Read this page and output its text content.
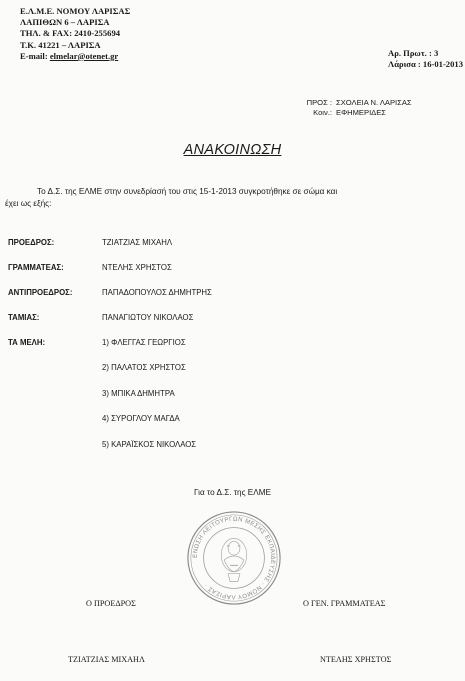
Ε.Λ.Μ.Ε. ΝΟΜΟΥ ΛΑΡΙΣΑΣ
ΛΑΠΙΘΩΝ 6 – ΛΑΡΙΣΑ
ΤΗΛ. & FAX: 2410-255694
Τ.Κ. 41221 – ΛΑΡΙΣΑ
E-mail: elmelar@otenet.gr	Αρ. Πρωτ. : 3
Λάρισα : 16-01-2013
ΠΡΟΣ : ΣΧΟΛΕΙΑ Ν. ΛΑΡΙΣΑΣ
Κοιν.: ΕΦΗΜΕΡΙΔΕΣ
ΑΝΑΚΟΙΝΩΣΗ
Το Δ.Σ. της ΕΛΜΕ στην συνεδρίασή του στις 15-1-2013 συγκροτήθηκε σε σώμα και
έχει ως εξής:
ΠΡΟΕΔΡΟΣ:	ΤΖΙΑΤΖΙΑΣ ΜΙΧΑΗΛ
ΓΡΑΜΜΑΤΕΑΣ:	ΝΤΕΛΗΣ ΧΡΗΣΤΟΣ
ΑΝΤΙΠΡΟΕΔΡΟΣ:	ΠΑΠΑΔΟΠΟΥΛΟΣ ΔΗΜΗΤΡΗΣ
ΤΑΜΙΑΣ:	ΠΑΝΑΓΙΩΤΟΥ ΝΙΚΟΛΑΟΣ
ΤΑ ΜΕΛΗ:	1) ΦΛΕΓΓΑΣ ΓΕΩΡΓΙΟΣ
2) ΠΑΛΑΤΟΣ ΧΡΗΣΤΟΣ
3) ΜΠΙΚΑ ΔΗΜΗΤΡΑ
4) ΣΥΡΟΓΛΟΥ ΜΑΓΔΑ
5) ΚΑΡΑΪΣΚΟΣ ΝΙΚΟΛΑΟΣ
Για το Δ.Σ. της ΕΛΜΕ
ΕΝΩΣΗ ΛΕΙΤΟΥΡΓΩΝ ΜΕΣΗΣ ΕΚΠΑΙΔΕΥΣΗΣ · ΝΟΜΟΥ ΛΑΡΙΣΑΣ ·
Ο ΠΡΟΕΔΡΟΣ	Ο ΓΕΝ. ΓΡΑΜΜΑΤΕΑΣ
ΤΖΙΑΤΖΙΑΣ ΜΙΧΑΗΛ	ΝΤΕΛΗΣ ΧΡΗΣΤΟΣ
